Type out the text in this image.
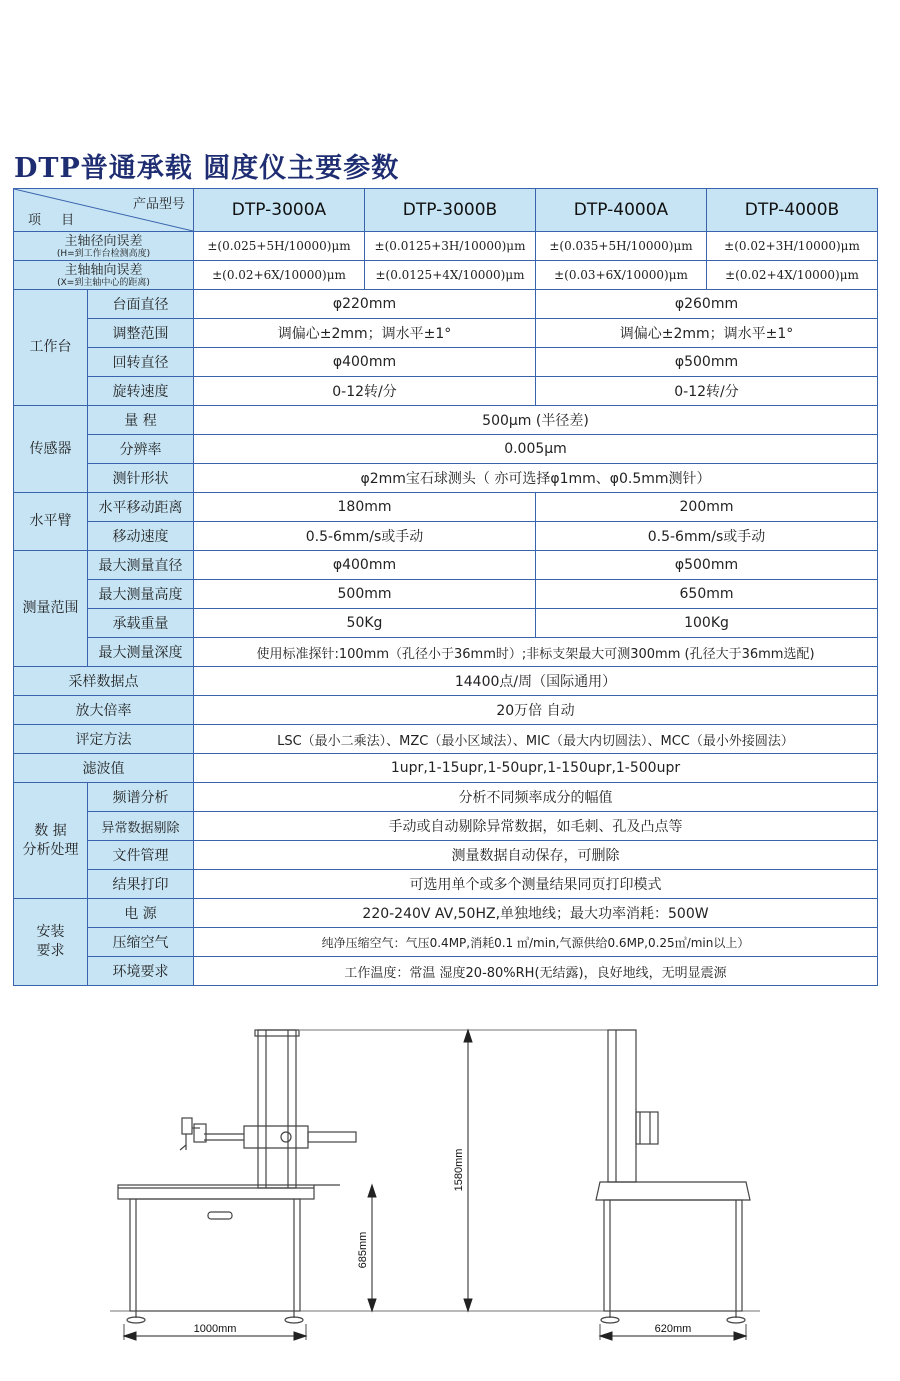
DTP普通承载 圆度仪主要参数
产品型号
项 目		DTP-3000A	DTP-3000B	DTP-4000A	DTP-4000B

主轴径向误差
(H=到工作台检测高度)		±(0.025+5H/10000)μm	±(0.0125+3H/10000)μm	±(0.035+5H/10000)μm	±(0.02+3H/10000)μm

主轴轴向误差
(X=到主轴中心的距离)		±(0.02+6X/10000)μm	±(0.0125+4X/10000)μm	±(0.03+6X/10000)μm	±(0.02+4X/10000)μm
工作台	台面直径	φ220mm		φ260mm	
	调整范围	调偏心±2mm；调水平±1°		调偏心±2mm；调水平±1°	
	回转直径	φ400mm		φ500mm	
	旋转速度	0-12转/分		0-12转/分	
传感器	量 程	500μm (半径差)			
	分辨率	0.005μm			
	测针形状	φ2mm宝石球测头（ 亦可选择φ1mm、φ0.5mm测针）			
水平臂	水平移动距离	180mm		200mm	
	移动速度	0.5-6mm/s或手动		0.5-6mm/s或手动	
测量范围	最大测量直径	φ400mm		φ500mm	
	最大测量高度	500mm		650mm	
	承载重量	50Kg		100Kg	
	最大测量深度	使用标准探针:100mm（孔径小于36mm时）;非标支架最大可测300mm (孔径大于36mm选配)			
采样数据点		14400点/周（国际通用）			
放大倍率		20万倍 自动			
评定方法		LSC（最小二乘法）、MZC（最小区域法）、MIC（最大内切圆法）、MCC（最小外接圆法）			
滤波值		1upr,1-15upr,1-50upr,1-150upr,1-500upr			

数 据
分析处理	频谱分析	分析不同频率成分的幅值			
	异常数据剔除	手动或自动剔除异常数据，如毛刺、孔及凸点等			
	文件管理	测量数据自动保存，可删除			
	结果打印	可选用单个或多个测量结果同页打印模式			

安装
要求	电 源	220-240V AV,50HZ,单独地线；最大功率消耗：500W			
	压缩空气	纯净压缩空气：气压0.4MP,消耗0.1 ㎥/min,气源供给0.6MP,0.25㎥/min以上）			
	环境要求	工作温度：常温 湿度20-80%RH(无结露)，良好地线，无明显震源			
1580mm
685mm
1000mm	620mm
